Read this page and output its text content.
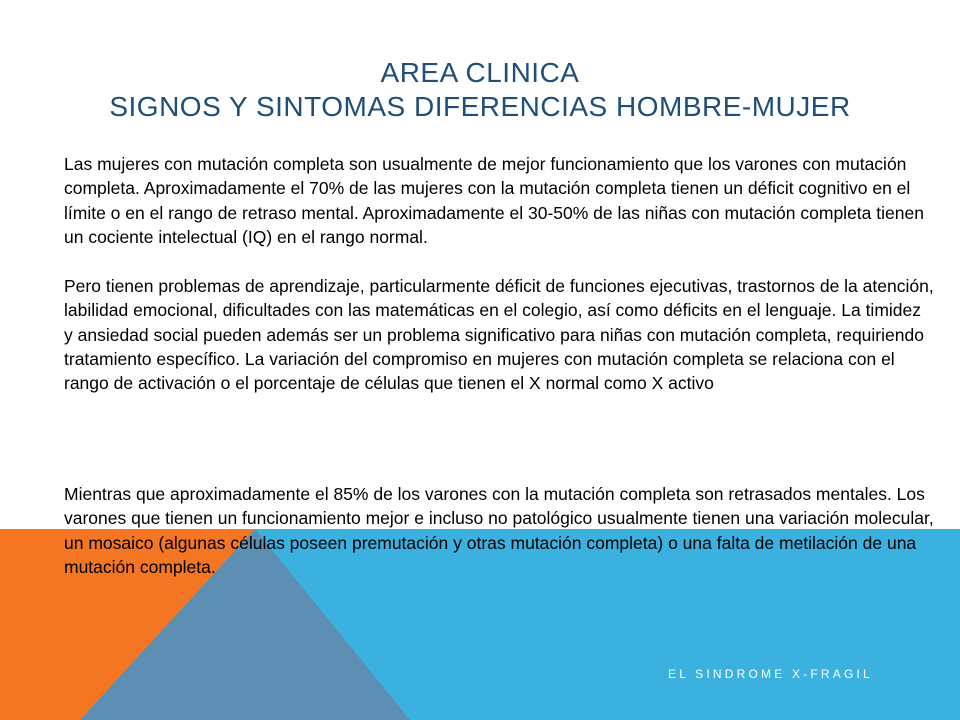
AREA CLINICA
SIGNOS Y SINTOMAS DIFERENCIAS HOMBRE-MUJER

Las mujeres con mutación completa son usualmente de mejor funcionamiento que los varones con mutación completa. Aproximadamente el 70% de las mujeres con la mutación completa tienen un déficit cognitivo en el límite o en el rango de retraso mental. Aproximadamente el 30-50% de las niñas con mutación completa tienen un cociente intelectual (IQ) en el rango normal.

Pero tienen problemas de aprendizaje, particularmente déficit de funciones ejecutivas, trastornos de la atención, labilidad emocional, dificultades con las matemáticas en el colegio, así como déficits en el lenguaje. La timidez y ansiedad social pueden además ser un problema significativo para niñas con mutación completa, requiriendo tratamiento específico. La variación del compromiso en mujeres con mutación completa se relaciona con el rango de activación o el porcentaje de células que tienen el X normal como X activo

Mientras que aproximadamente el 85% de los varones con la mutación completa son retrasados mentales. Los varones que tienen un funcionamiento mejor e incluso no patológico usualmente tienen una variación molecular, un mosaico (algunas células poseen premutación y otras mutación completa) o una falta de metilación de una mutación completa.

EL SINDROME X-FRAGIL
